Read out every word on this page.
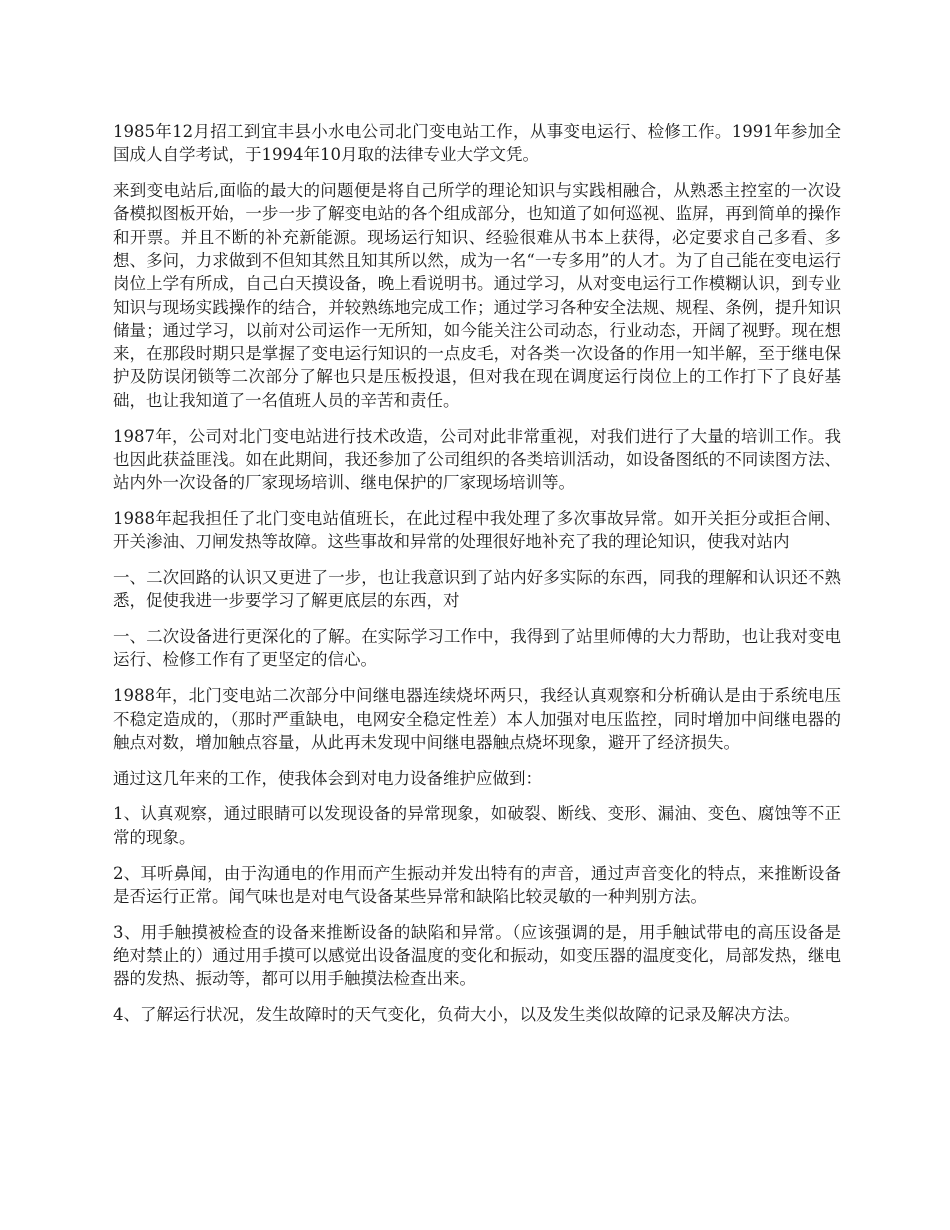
1985年12月招工到宜丰县小水电公司北门变电站工作，从事变电运行、检修工作。1991年参加全国成人自学考试，于1994年10月取的法律专业大学文凭。

来到变电站后,面临的最大的问题便是将自己所学的理论知识与实践相融合，从熟悉主控室的一次设备模拟图板开始，一步一步了解变电站的各个组成部分，也知道了如何巡视、监屏，再到简单的操作和开票。并且不断的补充新能源。现场运行知识、经验很难从书本上获得，必定要求自己多看、多想、多问，力求做到不但知其然且知其所以然，成为一名“一专多用”的人才。为了自己能在变电运行岗位上学有所成，自己白天摸设备，晚上看说明书。通过学习，从对变电运行工作模糊认识，到专业知识与现场实践操作的结合，并较熟练地完成工作；通过学习各种安全法规、规程、条例，提升知识储量；通过学习，以前对公司运作一无所知，如今能关注公司动态，行业动态，开阔了视野。现在想来，在那段时期只是掌握了变电运行知识的一点皮毛，对各类一次设备的作用一知半解，至于继电保护及防误闭锁等二次部分了解也只是压板投退，但对我在现在调度运行岗位上的工作打下了良好基础，也让我知道了一名值班人员的辛苦和责任。

1987年，公司对北门变电站进行技术改造，公司对此非常重视，对我们进行了大量的培训工作。我也因此获益匪浅。如在此期间，我还参加了公司组织的各类培训活动，如设备图纸的不同读图方法、站内外一次设备的厂家现场培训、继电保护的厂家现场培训等。

1988年起我担任了北门变电站值班长，在此过程中我处理了多次事故异常。如开关拒分或拒合闸、开关渗油、刀闸发热等故障。这些事故和异常的处理很好地补充了我的理论知识，使我对站内

一、二次回路的认识又更进了一步，也让我意识到了站内好多实际的东西，同我的理解和认识还不熟悉，促使我进一步要学习了解更底层的东西，对

一、二次设备进行更深化的了解。在实际学习工作中，我得到了站里师傅的大力帮助，也让我对变电运行、检修工作有了更坚定的信心。

1988年，北门变电站二次部分中间继电器连续烧坏两只，我经认真观察和分析确认是由于系统电压不稳定造成的，（那时严重缺电，电网安全稳定性差）本人加强对电压监控，同时增加中间继电器的触点对数，增加触点容量，从此再未发现中间继电器触点烧坏现象，避开了经济损失。

通过这几年来的工作，使我体会到对电力设备维护应做到：

1、认真观察，通过眼睛可以发现设备的异常现象，如破裂、断线、变形、漏油、变色、腐蚀等不正常的现象。

2、耳听鼻闻，由于沟通电的作用而产生振动并发出特有的声音，通过声音变化的特点，来推断设备是否运行正常。闻气味也是对电气设备某些异常和缺陷比较灵敏的一种判别方法。

3、用手触摸被检查的设备来推断设备的缺陷和异常。（应该强调的是，用手触试带电的高压设备是绝对禁止的）通过用手摸可以感觉出设备温度的变化和振动，如变压器的温度变化，局部发热，继电器的发热、振动等，都可以用手触摸法检查出来。

4、了解运行状况，发生故障时的天气变化，负荷大小，以及发生类似故障的记录及解决方法。
